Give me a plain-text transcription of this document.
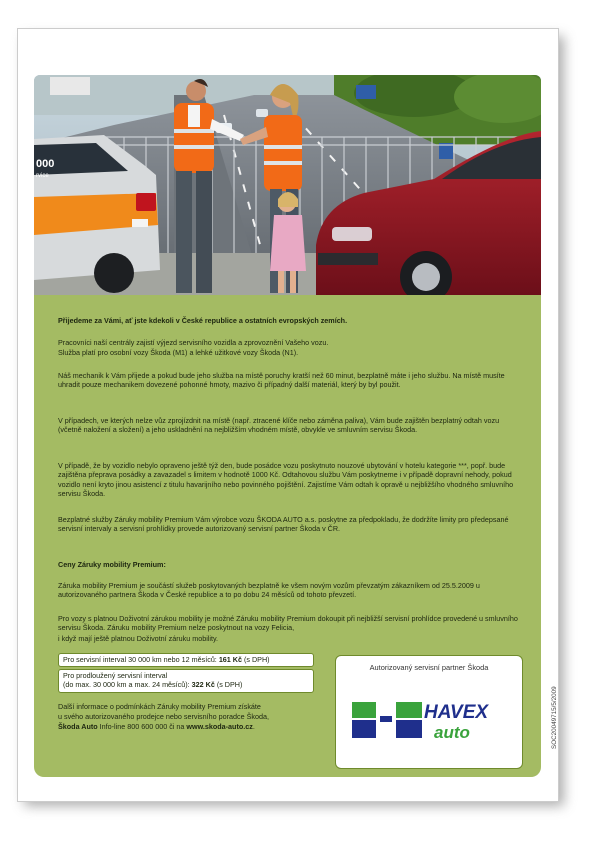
000
rvice

Přijedeme za Vámi, ať jste kdekoli v České republice a ostatních evropských zemích.

Pracovníci naší centrály zajistí výjezd servisního vozidla a zprovoznění Vašeho vozu.

Služba platí pro osobní vozy Škoda (M1) a lehké užitkové vozy Škoda (N1).

Náš mechanik k Vám přijede a pokud bude jeho služba na místě poruchy kratší než 60 minut, bezplatně máte i jeho službu. Na místě musíte uhradit pouze mechanikem dovezené pohonné hmoty, mazivo či případný další materiál, který by byl použit.

V případech, ve kterých nelze vůz zprojízdnit na místě (např. ztracené klíče nebo záměna paliva), Vám bude zajištěn bezplatný odtah vozu (včetně naložení a složení) a jeho uskladnění na nejbližším vhodném místě, obvykle ve smluvním servisu Škoda.

V případě, že by vozidlo nebylo opraveno ještě týž den, bude posádce vozu poskytnuto nouzové ubytování v hotelu kategorie ***, popř. bude zajištěna přeprava posádky a zavazadel s limitem v hodnotě 1000 Kč. Odtahovou službu Vám poskytneme i v případě dopravní nehody, pokud vozidlo není kryto jinou asistencí z titulu havarijního nebo povinného pojištění. Zajistíme Vám odtah k opravě u nejbližšího vhodného smluvního servisu Škoda.

Bezplatné služby Záruky mobility Premium Vám výrobce vozu ŠKODA AUTO a.s. poskytne za předpokladu, že dodržíte limity pro předepsané servisní intervaly a servisní prohlídky provede autorizovaný servisní partner Škoda v ČR.

Ceny Záruky mobility Premium:

Záruka mobility Premium je součástí služeb poskytovaných bezplatně ke všem novým vozům převzatým zákazníkem od 25.5.2009 u autorizovaného partnera Škoda v České republice a to po dobu 24 měsíců od tohoto převzetí.

Pro vozy s platnou Doživotní zárukou mobility je možné Záruku mobility Premium dokoupit při nejbližší servisní prohlídce provedené u smluvního servisu Škoda. Záruku mobility Premium nelze poskytnout na vozy Felicia,

i když mají ještě platnou Doživotní záruku mobility.

Pro servisní interval 30 000 km nebo 12 měsíců: 161 Kč (s DPH)
Pro prodloužený servisní interval
(do max. 30 000 km a max. 24 měsíců): 322 Kč (s DPH)

Další informace o podmínkách Záruky mobility Premium získáte

u svého autorizovaného prodejce nebo servisního poradce Škoda,

Škoda Auto Info-line 800 600 000 či na www.skoda-auto.cz.

Autorizovaný servisní partner Škoda
HAVEX
auto	SOC20049715/5/2009
